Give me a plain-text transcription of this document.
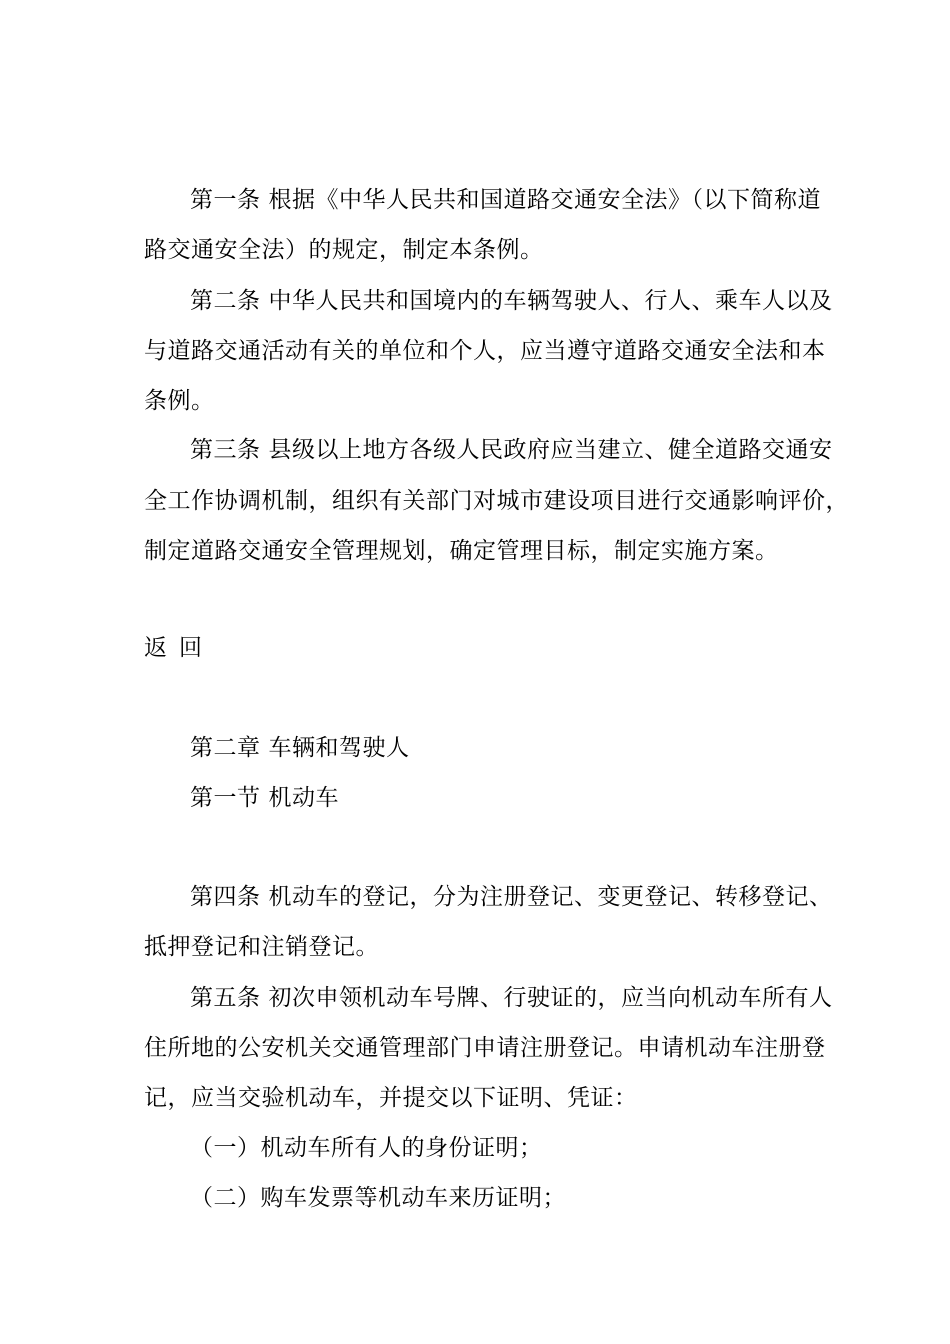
第一条 根据《中华人民共和国道路交通安全法》（以下简称道
路交通安全法）的规定，制定本条例。
第二条 中华人民共和国境内的车辆驾驶人、行人、乘车人以及
与道路交通活动有关的单位和个人，应当遵守道路交通安全法和本
条例。
第三条 县级以上地方各级人民政府应当建立、健全道路交通安
全工作协调机制，组织有关部门对城市建设项目进行交通影响评价，
制定道路交通安全管理规划，确定管理目标，制定实施方案。
返回
第二章 车辆和驾驶人
第一节 机动车
第四条 机动车的登记，分为注册登记、变更登记、转移登记、
抵押登记和注销登记。
第五条 初次申领机动车号牌、行驶证的，应当向机动车所有人
住所地的公安机关交通管理部门申请注册登记。申请机动车注册登
记，应当交验机动车，并提交以下证明、凭证：
（一）机动车所有人的身份证明；
（二）购车发票等机动车来历证明；
